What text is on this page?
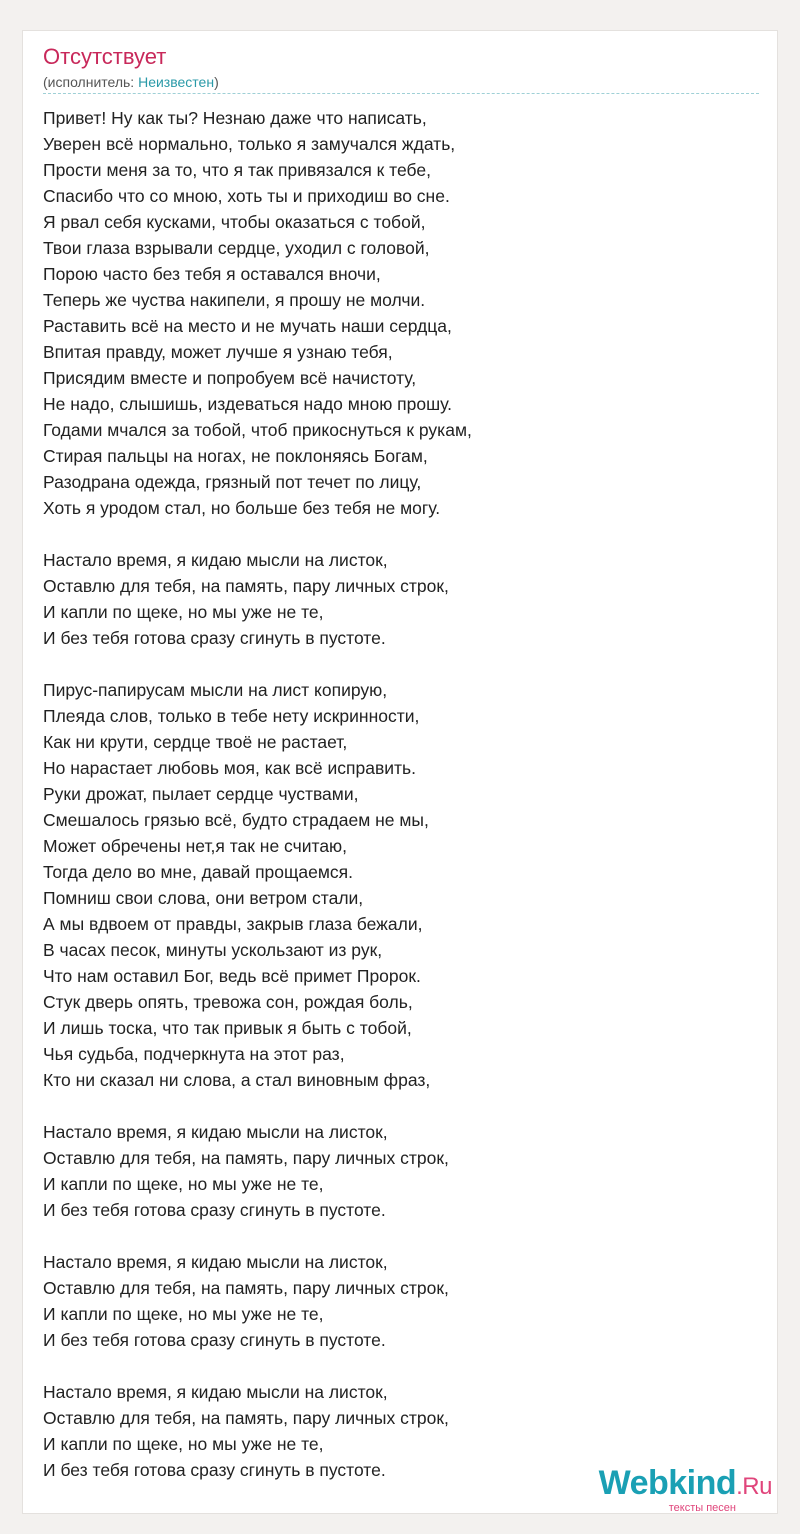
Отсутствует
(исполнитель: Неизвестен)
Привет! Ну как ты? Незнаю даже что написать,
Уверен всё нормально, только я замучался ждать,
Прости меня за то, что я так привязался к тебе,
Спасибо что со мною, хоть ты и приходиш во сне.
Я рвал себя кусками, чтобы оказаться с тобой,
Твои глаза взрывали сердце, уходил с головой,
Порою часто без тебя я оставался вночи,
Теперь же чуства накипели, я прошу не молчи.
Раставить всё на место и не мучать наши сердца,
Впитая правду, может лучше я узнаю тебя,
Присядим вместе и попробуем всё начистоту,
Не надо, слышишь, издеваться надо мною прошу.
Годами мчался за тобой, чтоб прикоснуться к рукам,
Стирая пальцы на ногах, не поклоняясь Богам,
Разодрана одежда, грязный пот течет по лицу,
Хоть я уродом стал, но больше без тебя не могу.
Настало время, я кидаю мысли на листок,
Оставлю для тебя, на память, пару личных строк,
И капли по щеке, но мы уже не те,
И без тебя готова сразу сгинуть в пустоте.
Пирус-папирусам мысли на лист копирую,
Плеяда слов, только в тебе нету искринности,
Как ни крути, сердце твоё не растает,
Но нарастает любовь моя, как всё исправить.
Руки дрожат, пылает сердце чуствами,
Смешалось грязью всё, будто страдаем не мы,
Может обречены нет,я так не считаю,
Тогда дело во мне, давай прощаемся.
Помниш свои слова, они ветром стали,
А мы вдвоем от правды, закрыв глаза бежали,
В часах песок, минуты ускользают из рук,
Что нам оставил Бог, ведь всё примет Пророк.
Стук дверь опять, тревожа сон, рождая боль,
И лишь тоска, что так привык я быть с тобой,
Чья судьба, подчеркнута на этот раз,
Кто ни сказал ни слова, а стал виновным фраз,
Настало время, я кидаю мысли на листок,
Оставлю для тебя, на память, пару личных строк,
И капли по щеке, но мы уже не те,
И без тебя готова сразу сгинуть в пустоте.
Настало время, я кидаю мысли на листок,
Оставлю для тебя, на память, пару личных строк,
И капли по щеке, но мы уже не те,
И без тебя готова сразу сгинуть в пустоте.
Настало время, я кидаю мысли на листок,
Оставлю для тебя, на память, пару личных строк,
И капли по щеке, но мы уже не те,
И без тебя готова сразу сгинуть в пустоте.	Webkind.Ru
тексты песен
